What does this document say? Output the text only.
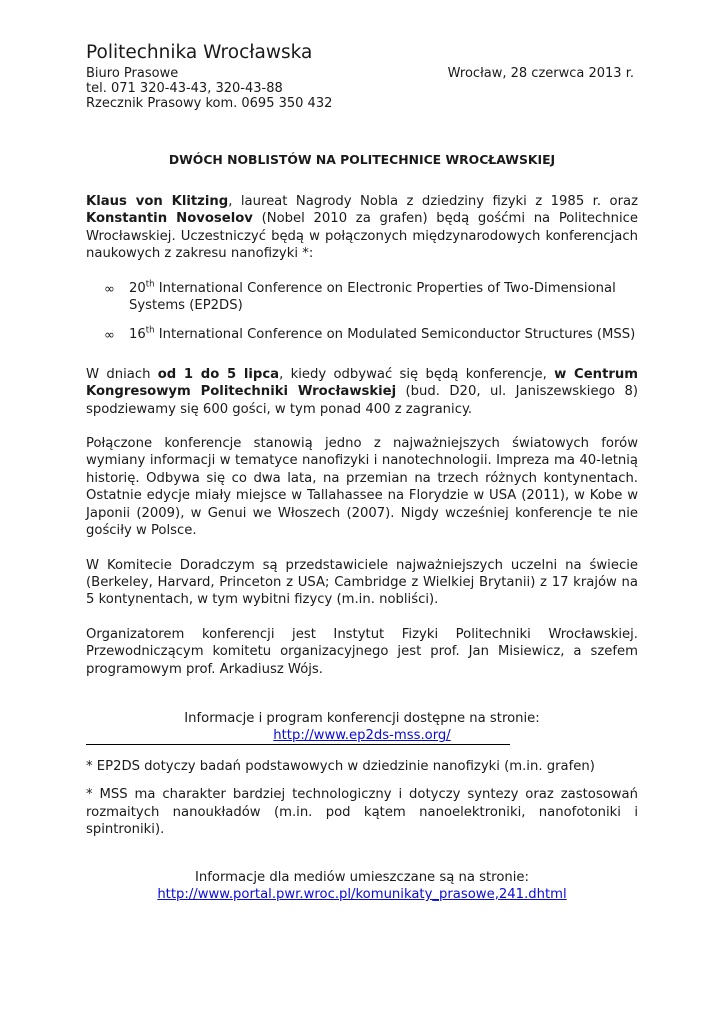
Politechnika Wrocławska
Biuro Prasowe
tel. 071 320-43-43, 320-43-88
Rzecznik Prasowy kom. 0695 350 432
Wrocław, 28 czerwca 2013 r.
DWÓCH NOBLISTÓW NA POLITECHNICE WROCŁAWSKIEJ

Klaus von Klitzing, laureat Nagrody Nobla z dziedziny fizyki z 1985 r. oraz Konstantin Novoselov (Nobel 2010 za grafen) będą gośćmi na Politechnice Wrocławskiej. Uczestniczyć będą w połączonych międzynarodowych konferencjach naukowych z zakresu nanofizyki *:

∞ 20th International Conference on Electronic Properties of Two-Dimensional Systems (EP2DS)
∞ 16th International Conference on Modulated Semiconductor Structures (MSS)

W dniach od 1 do 5 lipca, kiedy odbywać się będą konferencje, w Centrum Kongresowym Politechniki Wrocławskiej (bud. D20, ul. Janiszewskiego 8) spodziewamy się 600 gości, w tym ponad 400 z zagranicy.

Połączone konferencje stanowią jedno z najważniejszych światowych forów wymiany informacji w tematyce nanofizyki i nanotechnologii. Impreza ma 40-letnią historię. Odbywa się co dwa lata, na przemian na trzech różnych kontynentach. Ostatnie edycje miały miejsce w Tallahassee na Florydzie w USA (2011), w Kobe w Japonii (2009), w Genui we Włoszech (2007). Nigdy wcześniej konferencje te nie gościły w Polsce.

W Komitecie Doradczym są przedstawiciele najważniejszych uczelni na świecie (Berkeley, Harvard, Princeton z USA; Cambridge z Wielkiej Brytanii) z 17 krajów na 5 kontynentach, w tym wybitni fizycy (m.in. nobliści).

Organizatorem konferencji jest Instytut Fizyki Politechniki Wrocławskiej. Przewodniczącym komitetu organizacyjnego jest prof. Jan Misiewicz, a szefem programowym prof. Arkadiusz Wójs.

Informacje i program konferencji dostępne na stronie:
http://www.ep2ds-mss.org/

* EP2DS dotyczy badań podstawowych w dziedzinie nanofizyki (m.in. grafen)

* MSS ma charakter bardziej technologiczny i dotyczy syntezy oraz zastosowań rozmaitych nanoukładów (m.in. pod kątem nanoelektroniki, nanofotoniki i spintroniki).

Informacje dla mediów umieszczane są na stronie:
http://www.portal.pwr.wroc.pl/komunikaty_prasowe,241.dhtml
